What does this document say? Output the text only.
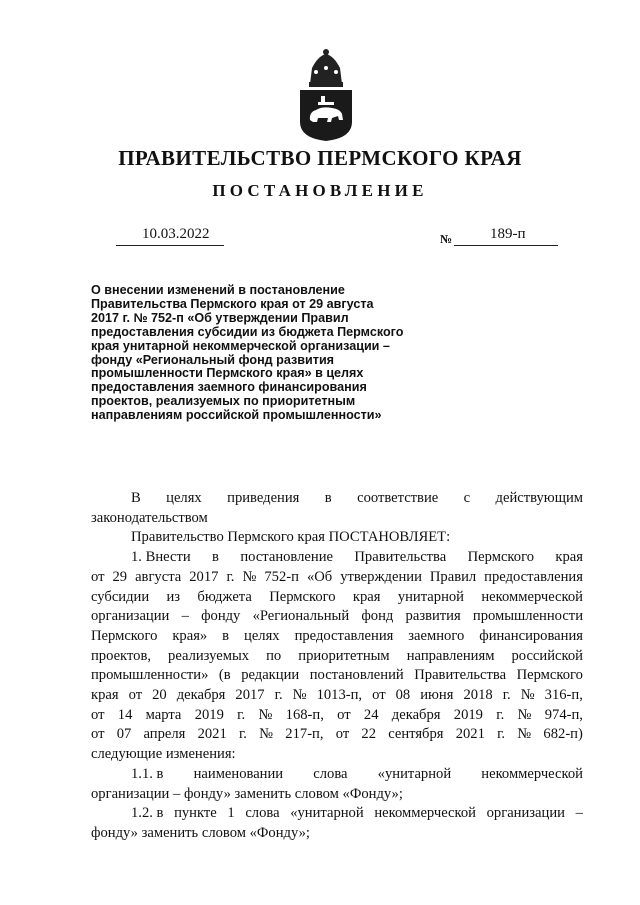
ПРАВИТЕЛЬСТВО ПЕРМСКОГО КРАЯ
ПОСТАНОВЛЕНИЕ
10.03.2022	№	189-п
О внесении изменений в постановление
Правительства Пермского края от 29 августа
2017 г. № 752-п «Об утверждении Правил
предоставления субсидии из бюджета Пермского
края унитарной некоммерческой организации –
фонду «Региональный фонд развития
промышленности Пермского края» в целях
предоставления заемного финансирования
проектов, реализуемых по приоритетным
направлениям российской промышленности»
В целях приведения в соответствие с действующим
законодательством
Правительство Пермского края ПОСТАНОВЛЯЕТ:
1. Внести в постановление Правительства Пермского края
от 29 августа 2017 г. № 752-п «Об утверждении Правил предоставления
субсидии из бюджета Пермского края унитарной некоммерческой
организации – фонду «Региональный фонд развития промышленности
Пермского края» в целях предоставления заемного финансирования
проектов, реализуемых по приоритетным направлениям российской
промышленности» (в редакции постановлений Правительства Пермского
края от 20 декабря 2017 г. № 1013-п, от 08 июня 2018 г. № 316-п,
от 14 марта 2019 г. № 168-п, от 24 декабря 2019 г. № 974-п,
от 07 апреля 2021 г. № 217-п, от 22 сентября 2021 г. № 682-п)
следующие изменения:
1.1. в наименовании слова «унитарной некоммерческой
организации – фонду» заменить словом «Фонду»;
1.2. в пункте 1 слова «унитарной некоммерческой организации –
фонду» заменить словом «Фонду»;
